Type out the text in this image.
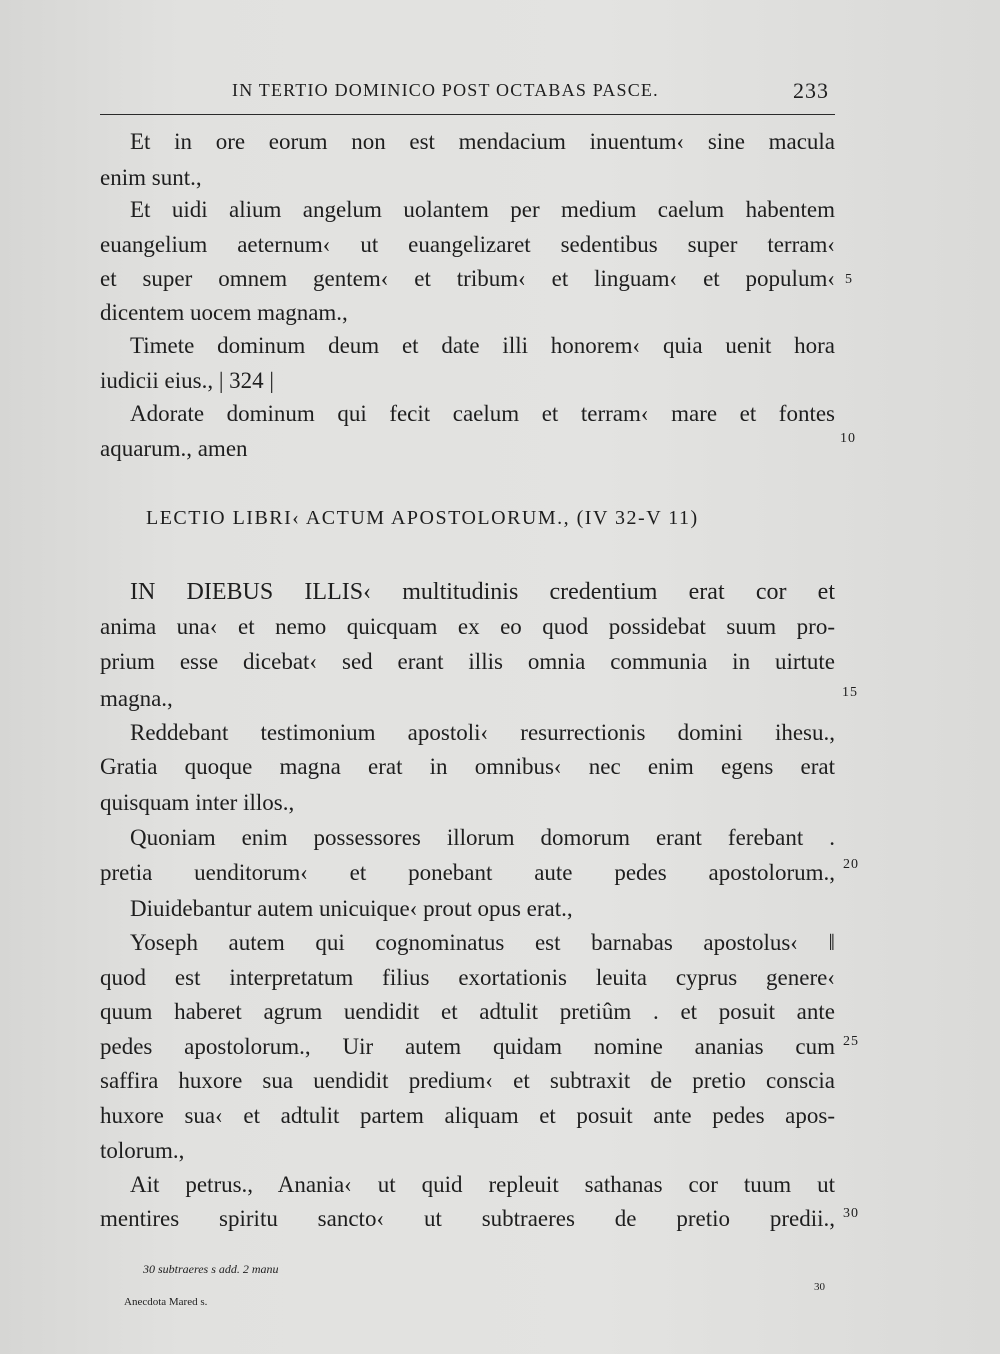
IN TERTIO DOMINICO POST OCTABAS PASCE.	233
Et in ore eorum non est mendacium inuentum‹ sine macula
enim sunt.,
Et uidi alium angelum uolantem per medium caelum habentem
euangelium aeternum‹ ut euangelizaret sedentibus super terram‹
et super omnem gentem‹ et tribum‹ et linguam‹ et populum‹
dicentem uocem magnam.,
Timete dominum deum et date illi honorem‹ quia uenit hora
iudicii eius., | 324 |
Adorate dominum qui fecit caelum et terram‹ mare et fontes
aquarum., amen
LECTIO LIBRI‹ ACTUM APOSTOLORUM., (IV 32-V 11)
IN DIEBUS ILLIS‹ multitudinis credentium erat cor et
anima una‹ et nemo quicquam ex eo quod possidebat suum pro-
prium esse dicebat‹ sed erant illis omnia communia in uirtute
magna.,
Reddebant testimonium apostoli‹ resurrectionis domini ihesu.,
Gratia quoque magna erat in omnibus‹ nec enim egens erat
quisquam inter illos.,
Quoniam enim possessores illorum domorum erant ferebant .
pretia uenditorum‹ et ponebant aute pedes apostolorum.,
Diuidebantur autem unicuique‹ prout opus erat.,
Yoseph autem qui cognominatus est barnabas apostolus‹ ‖
quod est interpretatum filius exortationis leuita cyprus genere‹
quum haberet agrum uendidit et adtulit pretiûm . et posuit ante
pedes apostolorum., Uir autem quidam nomine ananias cum
saffira huxore sua uendidit predium‹ et subtraxit de pretio conscia
huxore sua‹ et adtulit partem aliquam et posuit ante pedes apos-
tolorum.,
Ait petrus., Anania‹ ut quid repleuit sathanas cor tuum ut
mentires spiritu sancto‹ ut subtraeres de pretio predii.,
5
10
15
20
25
30
30 subtraeres s add. 2 manu
Anecdota Mared s.
30
